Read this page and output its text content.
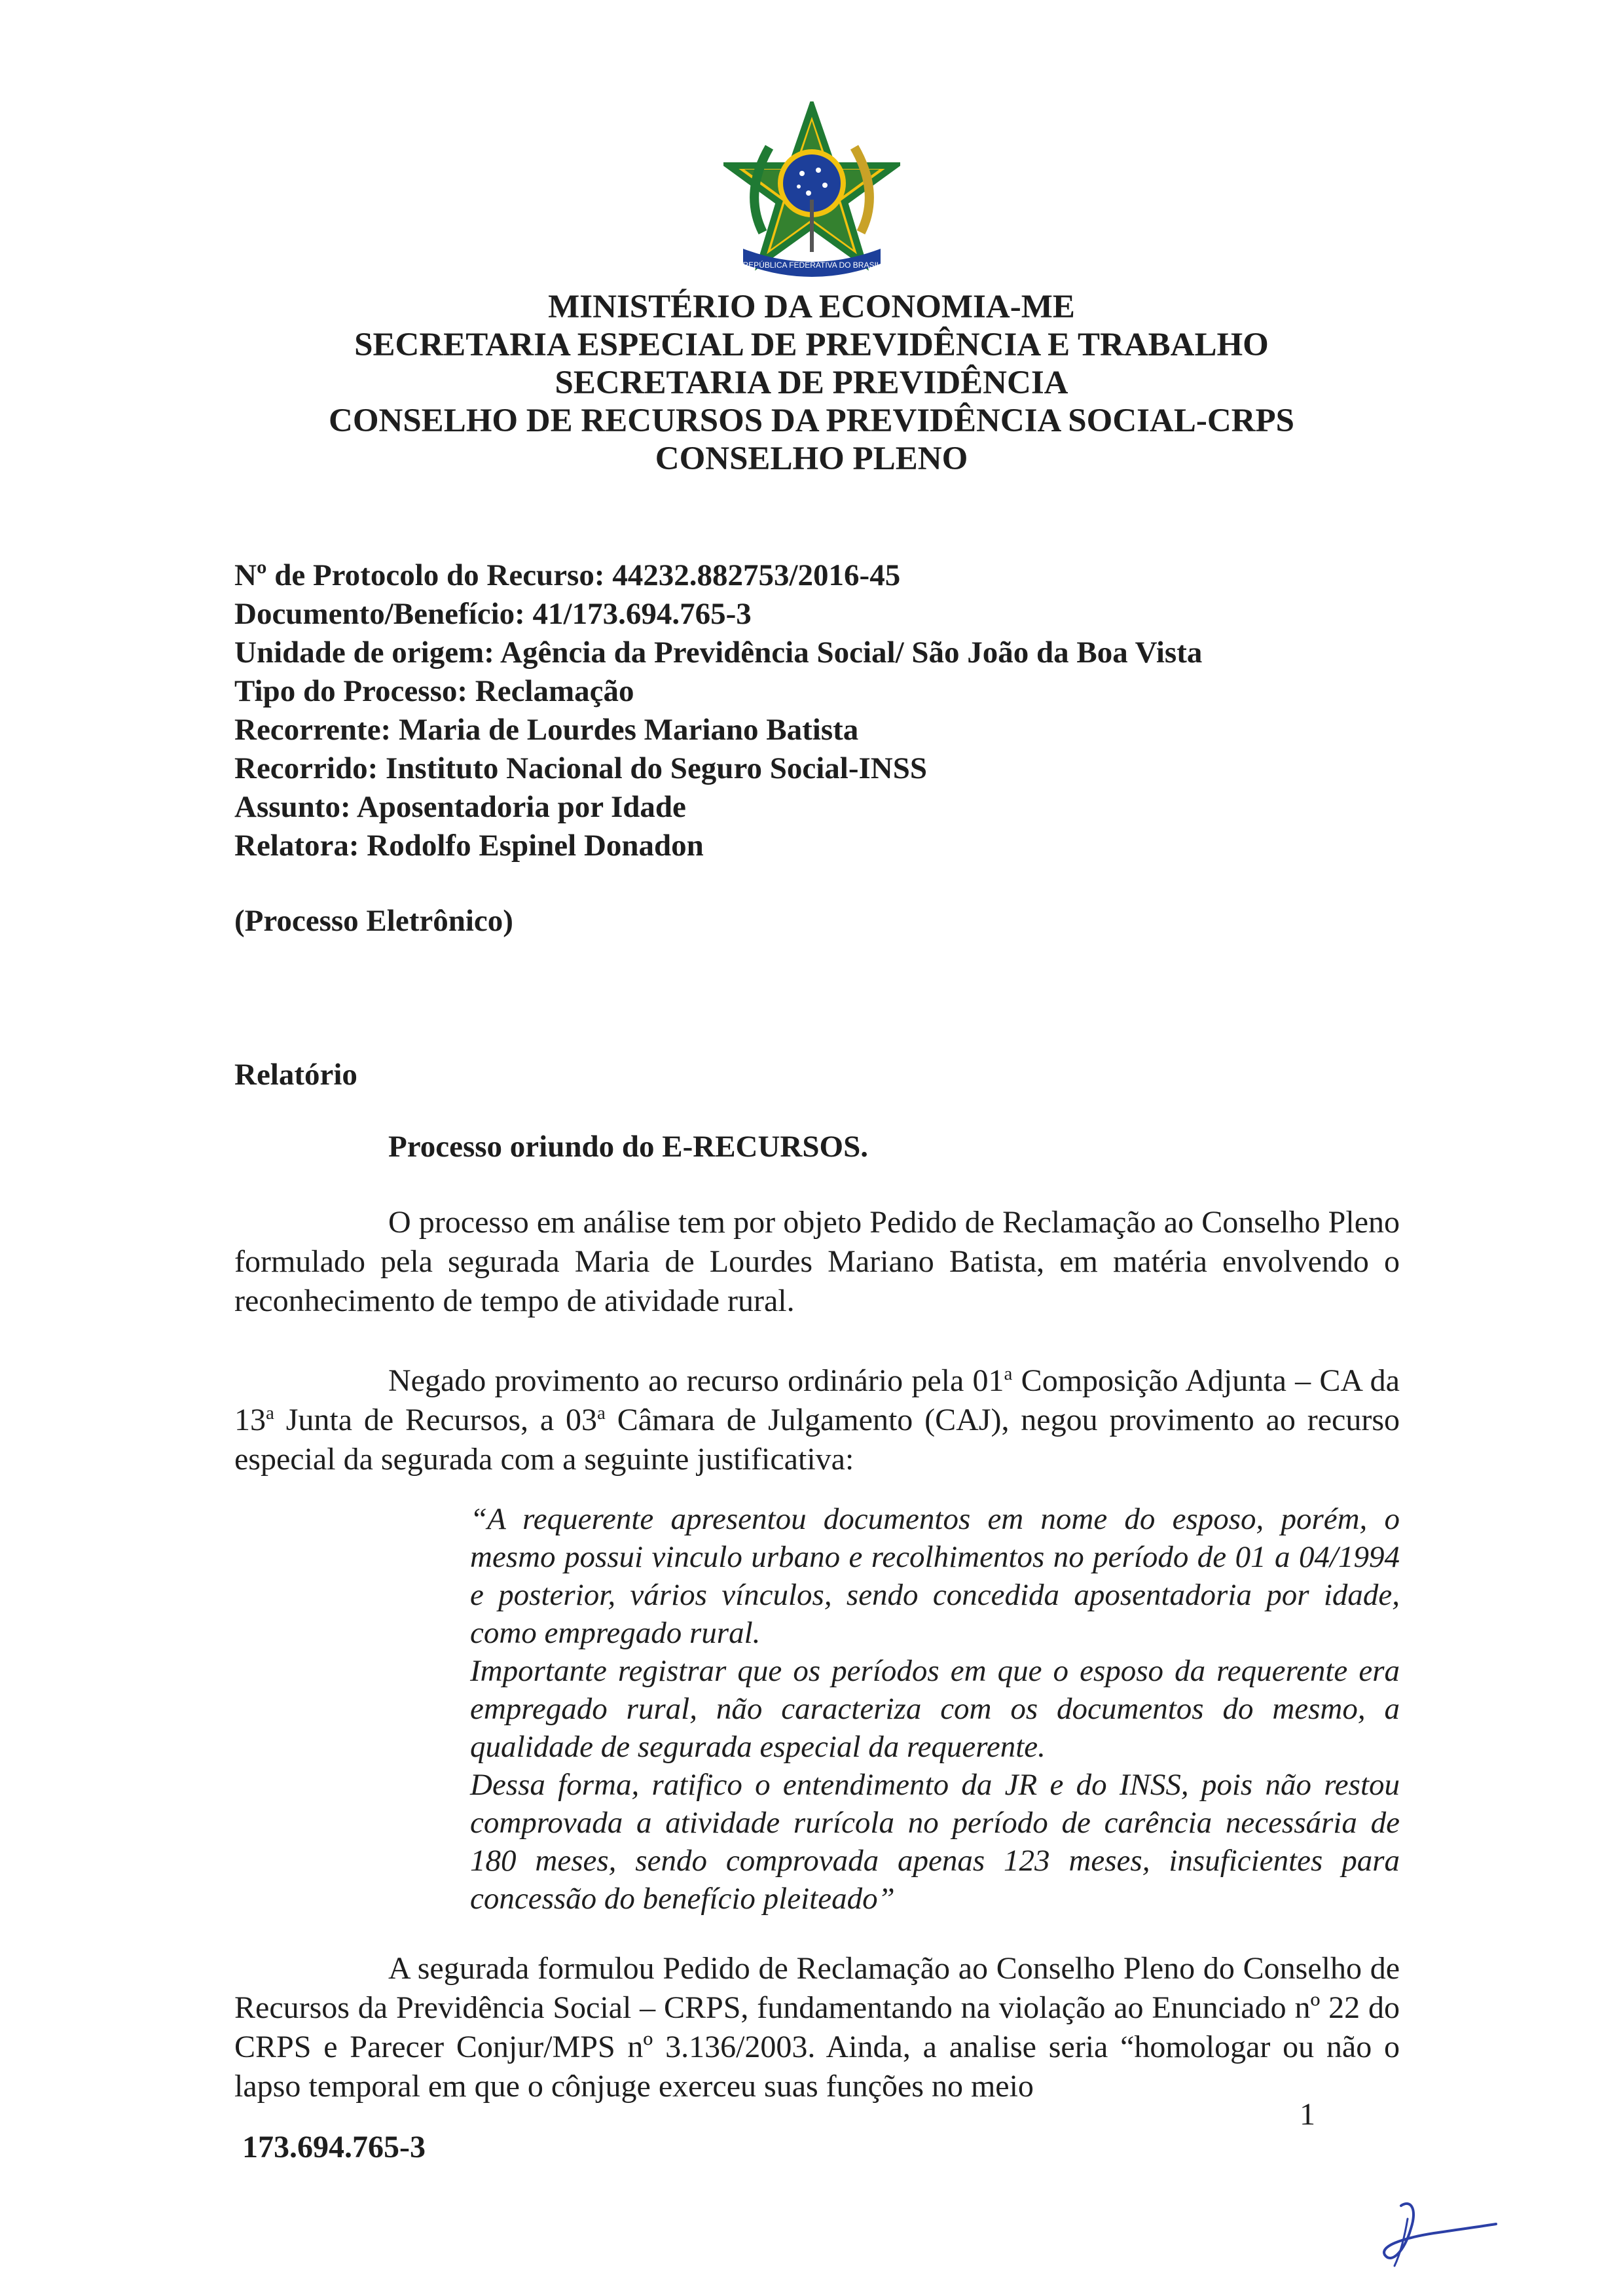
REPÚBLICA FEDERATIVA DO BRASIL
MINISTÉRIO DA ECONOMIA-ME
SECRETARIA ESPECIAL DE PREVIDÊNCIA E TRABALHO
SECRETARIA DE PREVIDÊNCIA
CONSELHO DE RECURSOS DA PREVIDÊNCIA SOCIAL-CRPS
CONSELHO PLENO
Nº de Protocolo do Recurso: 44232.882753/2016-45
Documento/Benefício: 41/173.694.765-3
Unidade de origem: Agência da Previdência Social/ São João da Boa Vista
Tipo do Processo: Reclamação
Recorrente: Maria de Lourdes Mariano Batista
Recorrido: Instituto Nacional do Seguro Social-INSS
Assunto: Aposentadoria por Idade
Relatora: Rodolfo Espinel Donadon
(Processo Eletrônico)
Relatório
Processo oriundo do E-RECURSOS.
O processo em análise tem por objeto Pedido de Reclamação ao Conselho Pleno formulado pela segurada Maria de Lourdes Mariano Batista, em matéria envolvendo o reconhecimento de tempo de atividade rural.
Negado provimento ao recurso ordinário pela 01$^a$ Composição Adjunta – CA da 13$^a$ Junta de Recursos, a 03$^a$ Câmara de Julgamento (CAJ), negou provimento ao recurso especial da segurada com a seguinte justificativa:

“A requerente apresentou documentos em nome do esposo, porém, o mesmo possui vinculo urbano e recolhimentos no período de 01 a 04/1994 e posterior, vários vínculos, sendo concedida aposentadoria por idade, como empregado rural.

Importante registrar que os períodos em que o esposo da requerente era empregado rural, não caracteriza com os documentos do mesmo, a qualidade de segurada especial da requerente.

Dessa forma, ratifico o entendimento da JR e do INSS, pois não restou comprovada a atividade rurícola no período de carência necessária de 180 meses, sendo comprovada apenas 123 meses, insuficientes para concessão do benefício pleiteado”

A segurada formulou Pedido de Reclamação ao Conselho Pleno do Conselho de Recursos da Previdência Social – CRPS, fundamentando na violação ao Enunciado nº 22 do CRPS e Parecer Conjur/MPS nº 3.136/2003. Ainda, a analise seria “homologar ou não o lapso temporal em que o cônjuge exerceu suas funções no meio
173.694.765-3
1
